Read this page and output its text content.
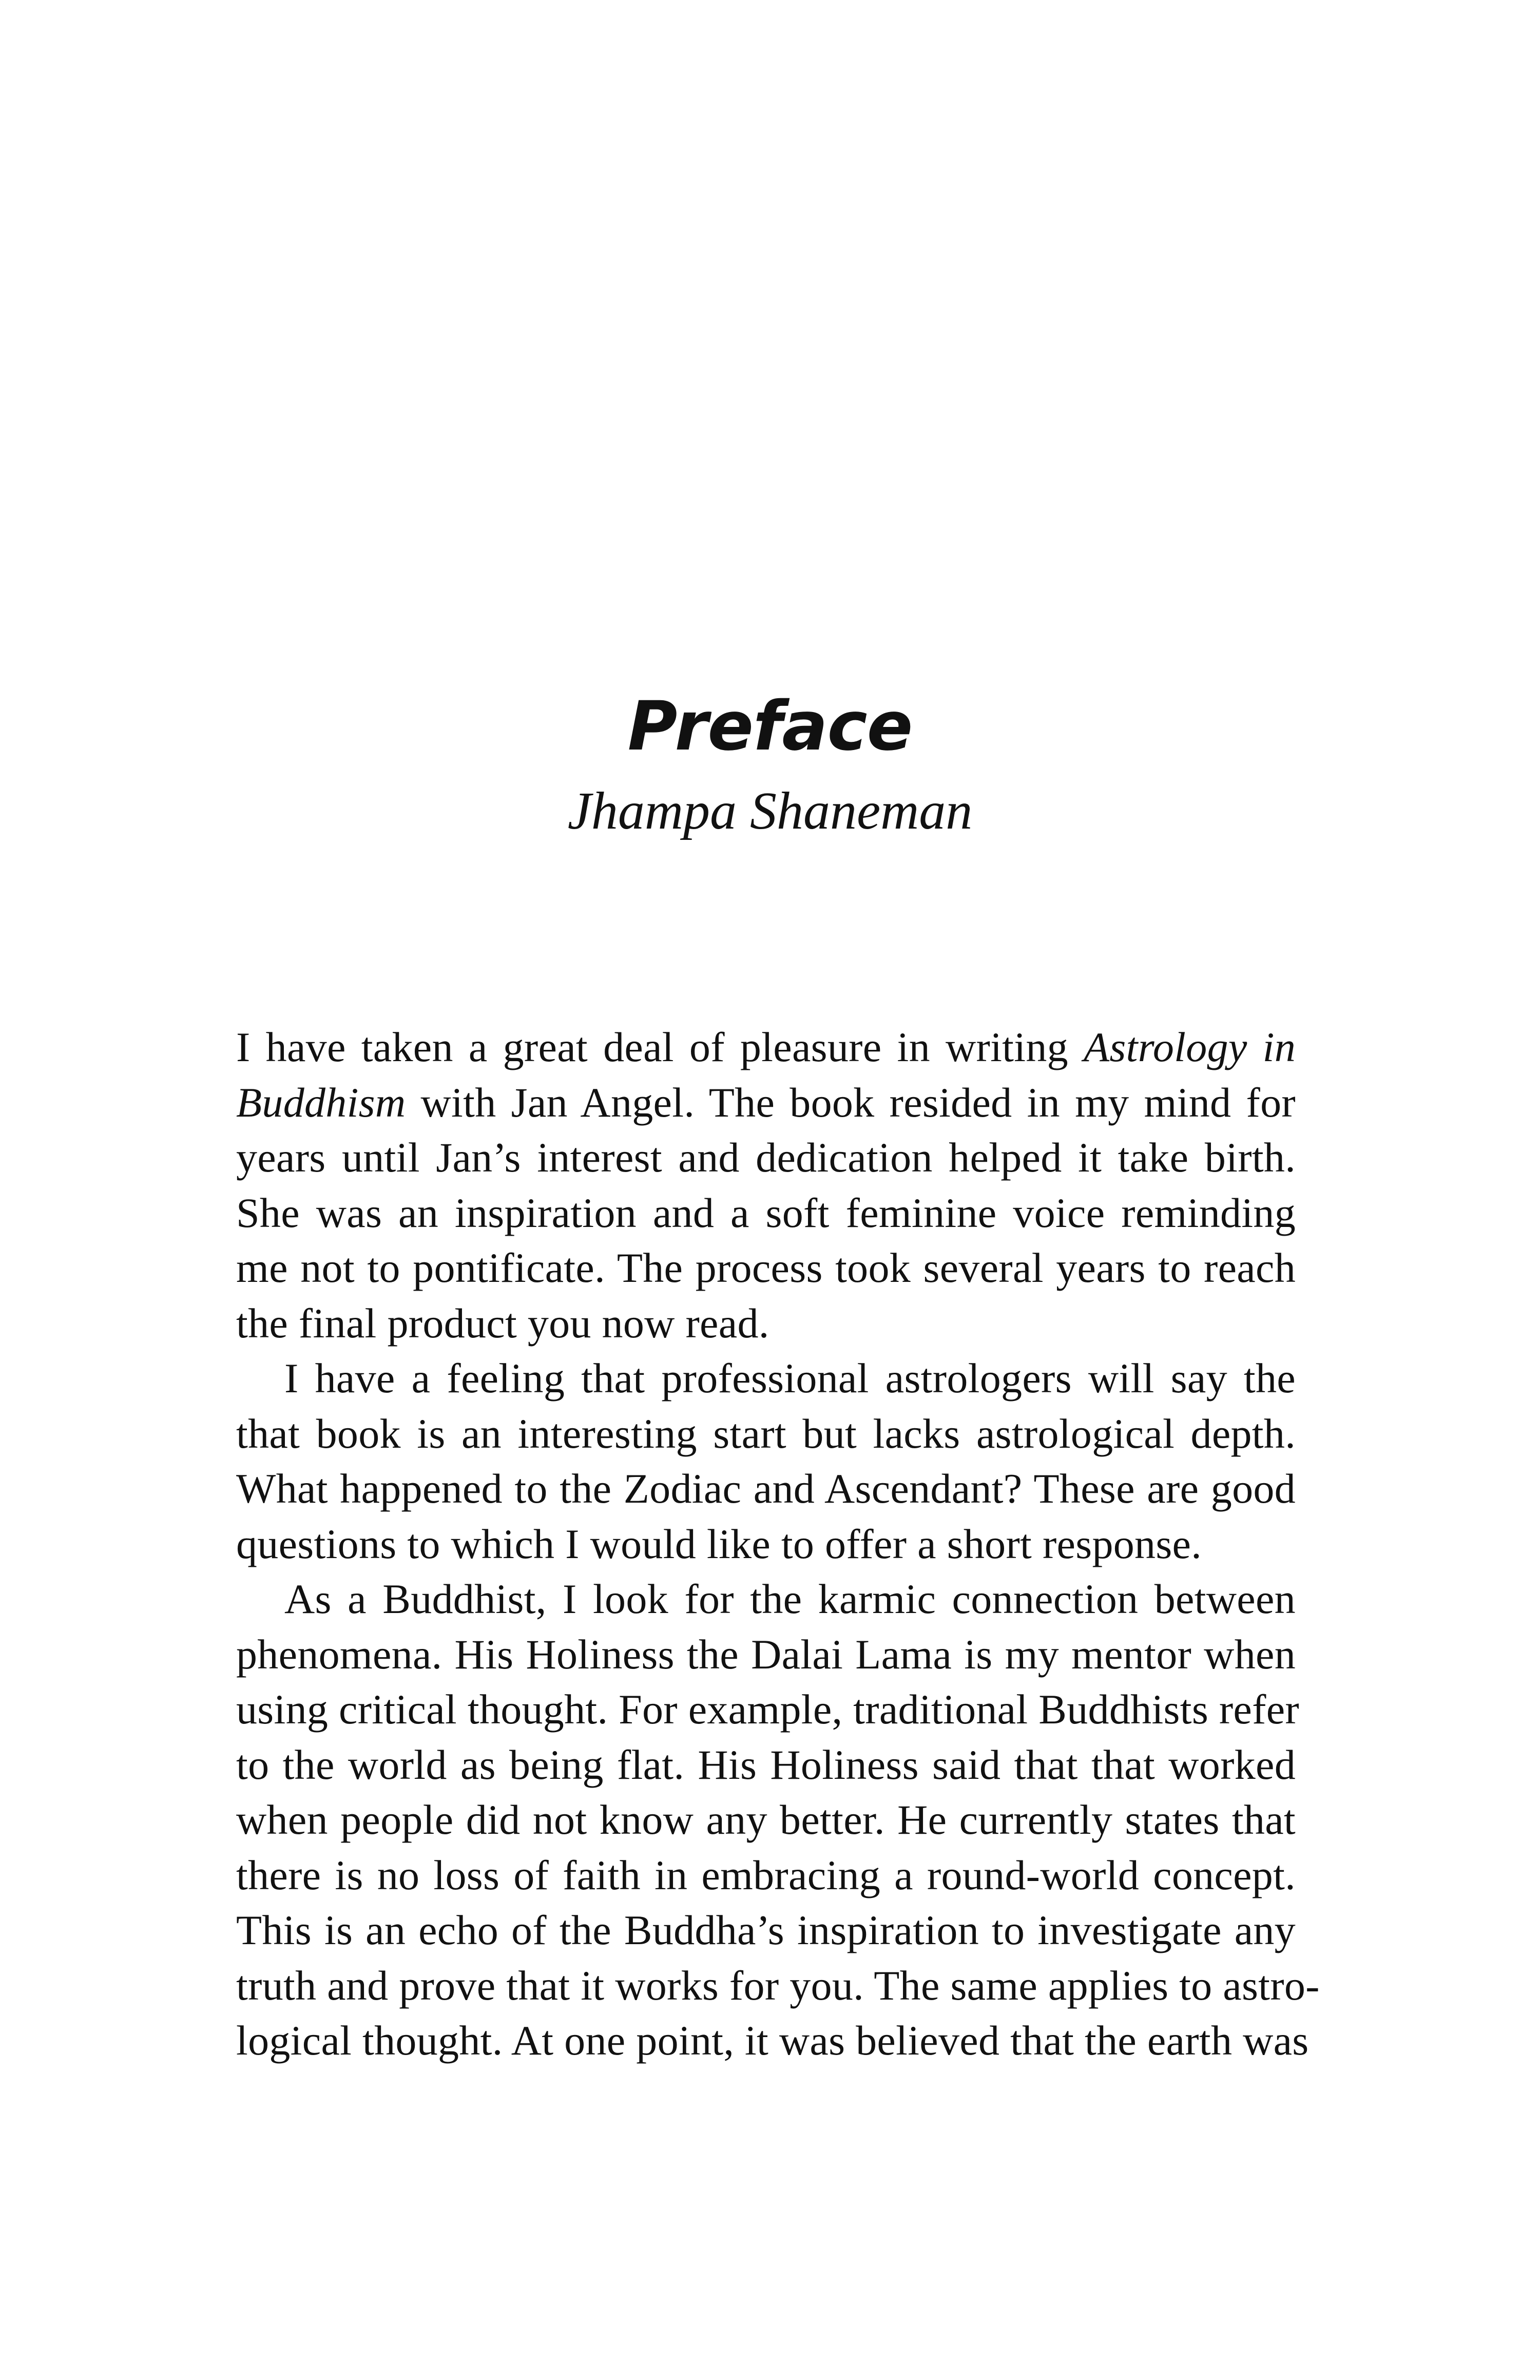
Preface
Jhampa Shaneman
I have taken a great deal of pleasure in writing Astrology in
Buddhism with Jan Angel. The book resided in my mind for
years until Jan’s interest and dedication helped it take birth.
She was an inspiration and a soft feminine voice reminding
me not to pontificate. The process took several years to reach
the final product you now read.
I have a feeling that professional astrologers will say the
that book is an interesting start but lacks astrological depth.
What happened to the Zodiac and Ascendant? These are good
questions to which I would like to offer a short response.
As a Buddhist, I look for the karmic connection between
phenomena. His Holiness the Dalai Lama is my mentor when
using critical thought. For example, traditional Buddhists refer
to the world as being flat. His Holiness said that that worked
when people did not know any better. He currently states that
there is no loss of faith in embracing a round-world concept.
This is an echo of the Buddha’s inspiration to investigate any
truth and prove that it works for you. The same applies to astro-
logical thought. At one point, it was believed that the earth was
